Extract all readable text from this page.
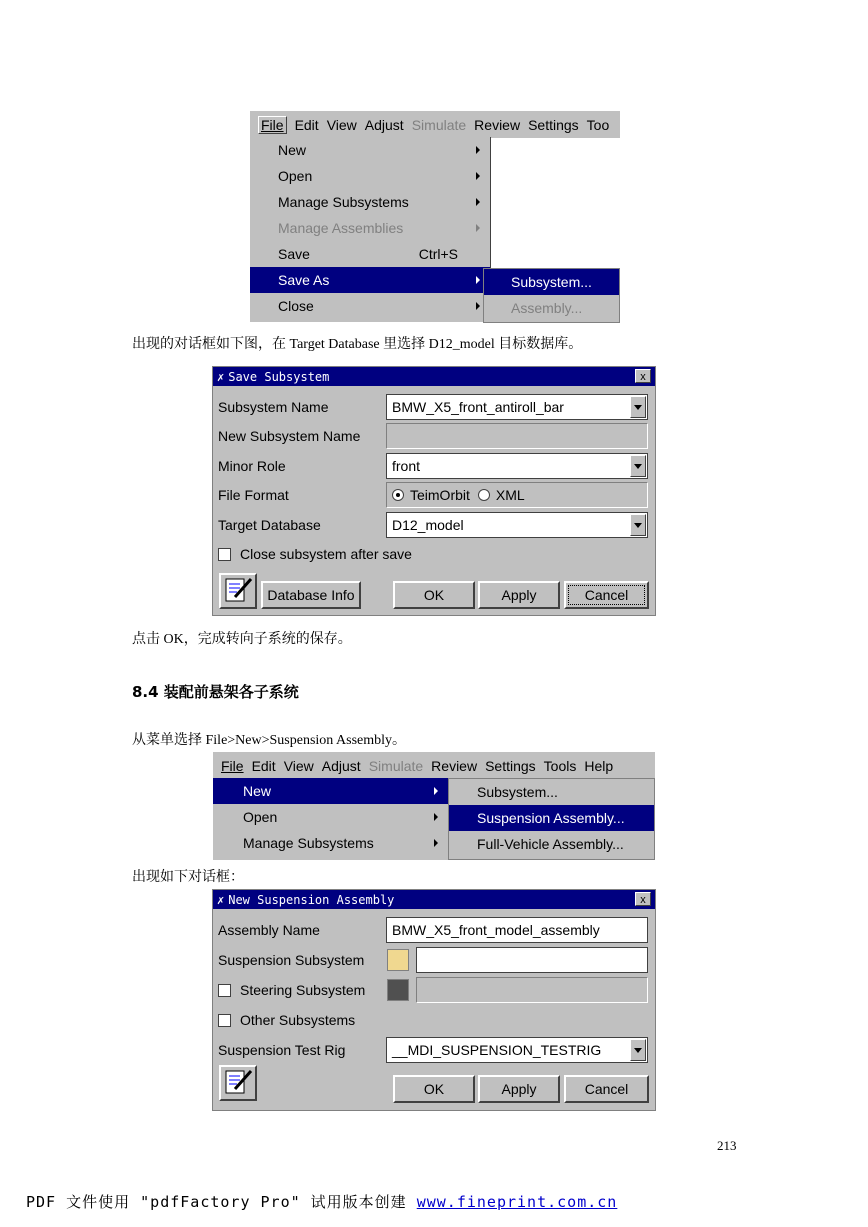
File Edit View Adjust Simulate Review Settings Too
New
Open
Manage Subsystems
Manage Assemblies
Save	Ctrl+S
Save As
Close
Subsystem...
Assembly...
出现的对话框如下图，在 Target Database 里选择 D12_model 目标数据库。
✗ Save Subsystem	x
Subsystem Name	BMW_X5_front_antiroll_bar
New Subsystem Name
Minor Role	front
File Format	TeimOrbit XML
Target Database	D12_model
Close subsystem after save
Database Info	OK	Apply	Cancel
点击 OK，完成转向子系统的保存。
8.4 装配前悬架各子系统
从菜单选择 File>New>Suspension Assembly。
File Edit View Adjust Simulate Review Settings Tools Help
New
Open
Manage Subsystems
Subsystem...
Suspension Assembly...
Full-Vehicle Assembly...
出现如下对话框：
✗ New Suspension Assembly	x
Assembly Name	BMW_X5_front_model_assembly
Suspension Subsystem
Steering Subsystem
Other Subsystems
Suspension Test Rig	__MDI_SUSPENSION_TESTRIG
OK	Apply	Cancel
213
PDF 文件使用 "pdfFactory Pro" 试用版本创建 www.fineprint.com.cn
